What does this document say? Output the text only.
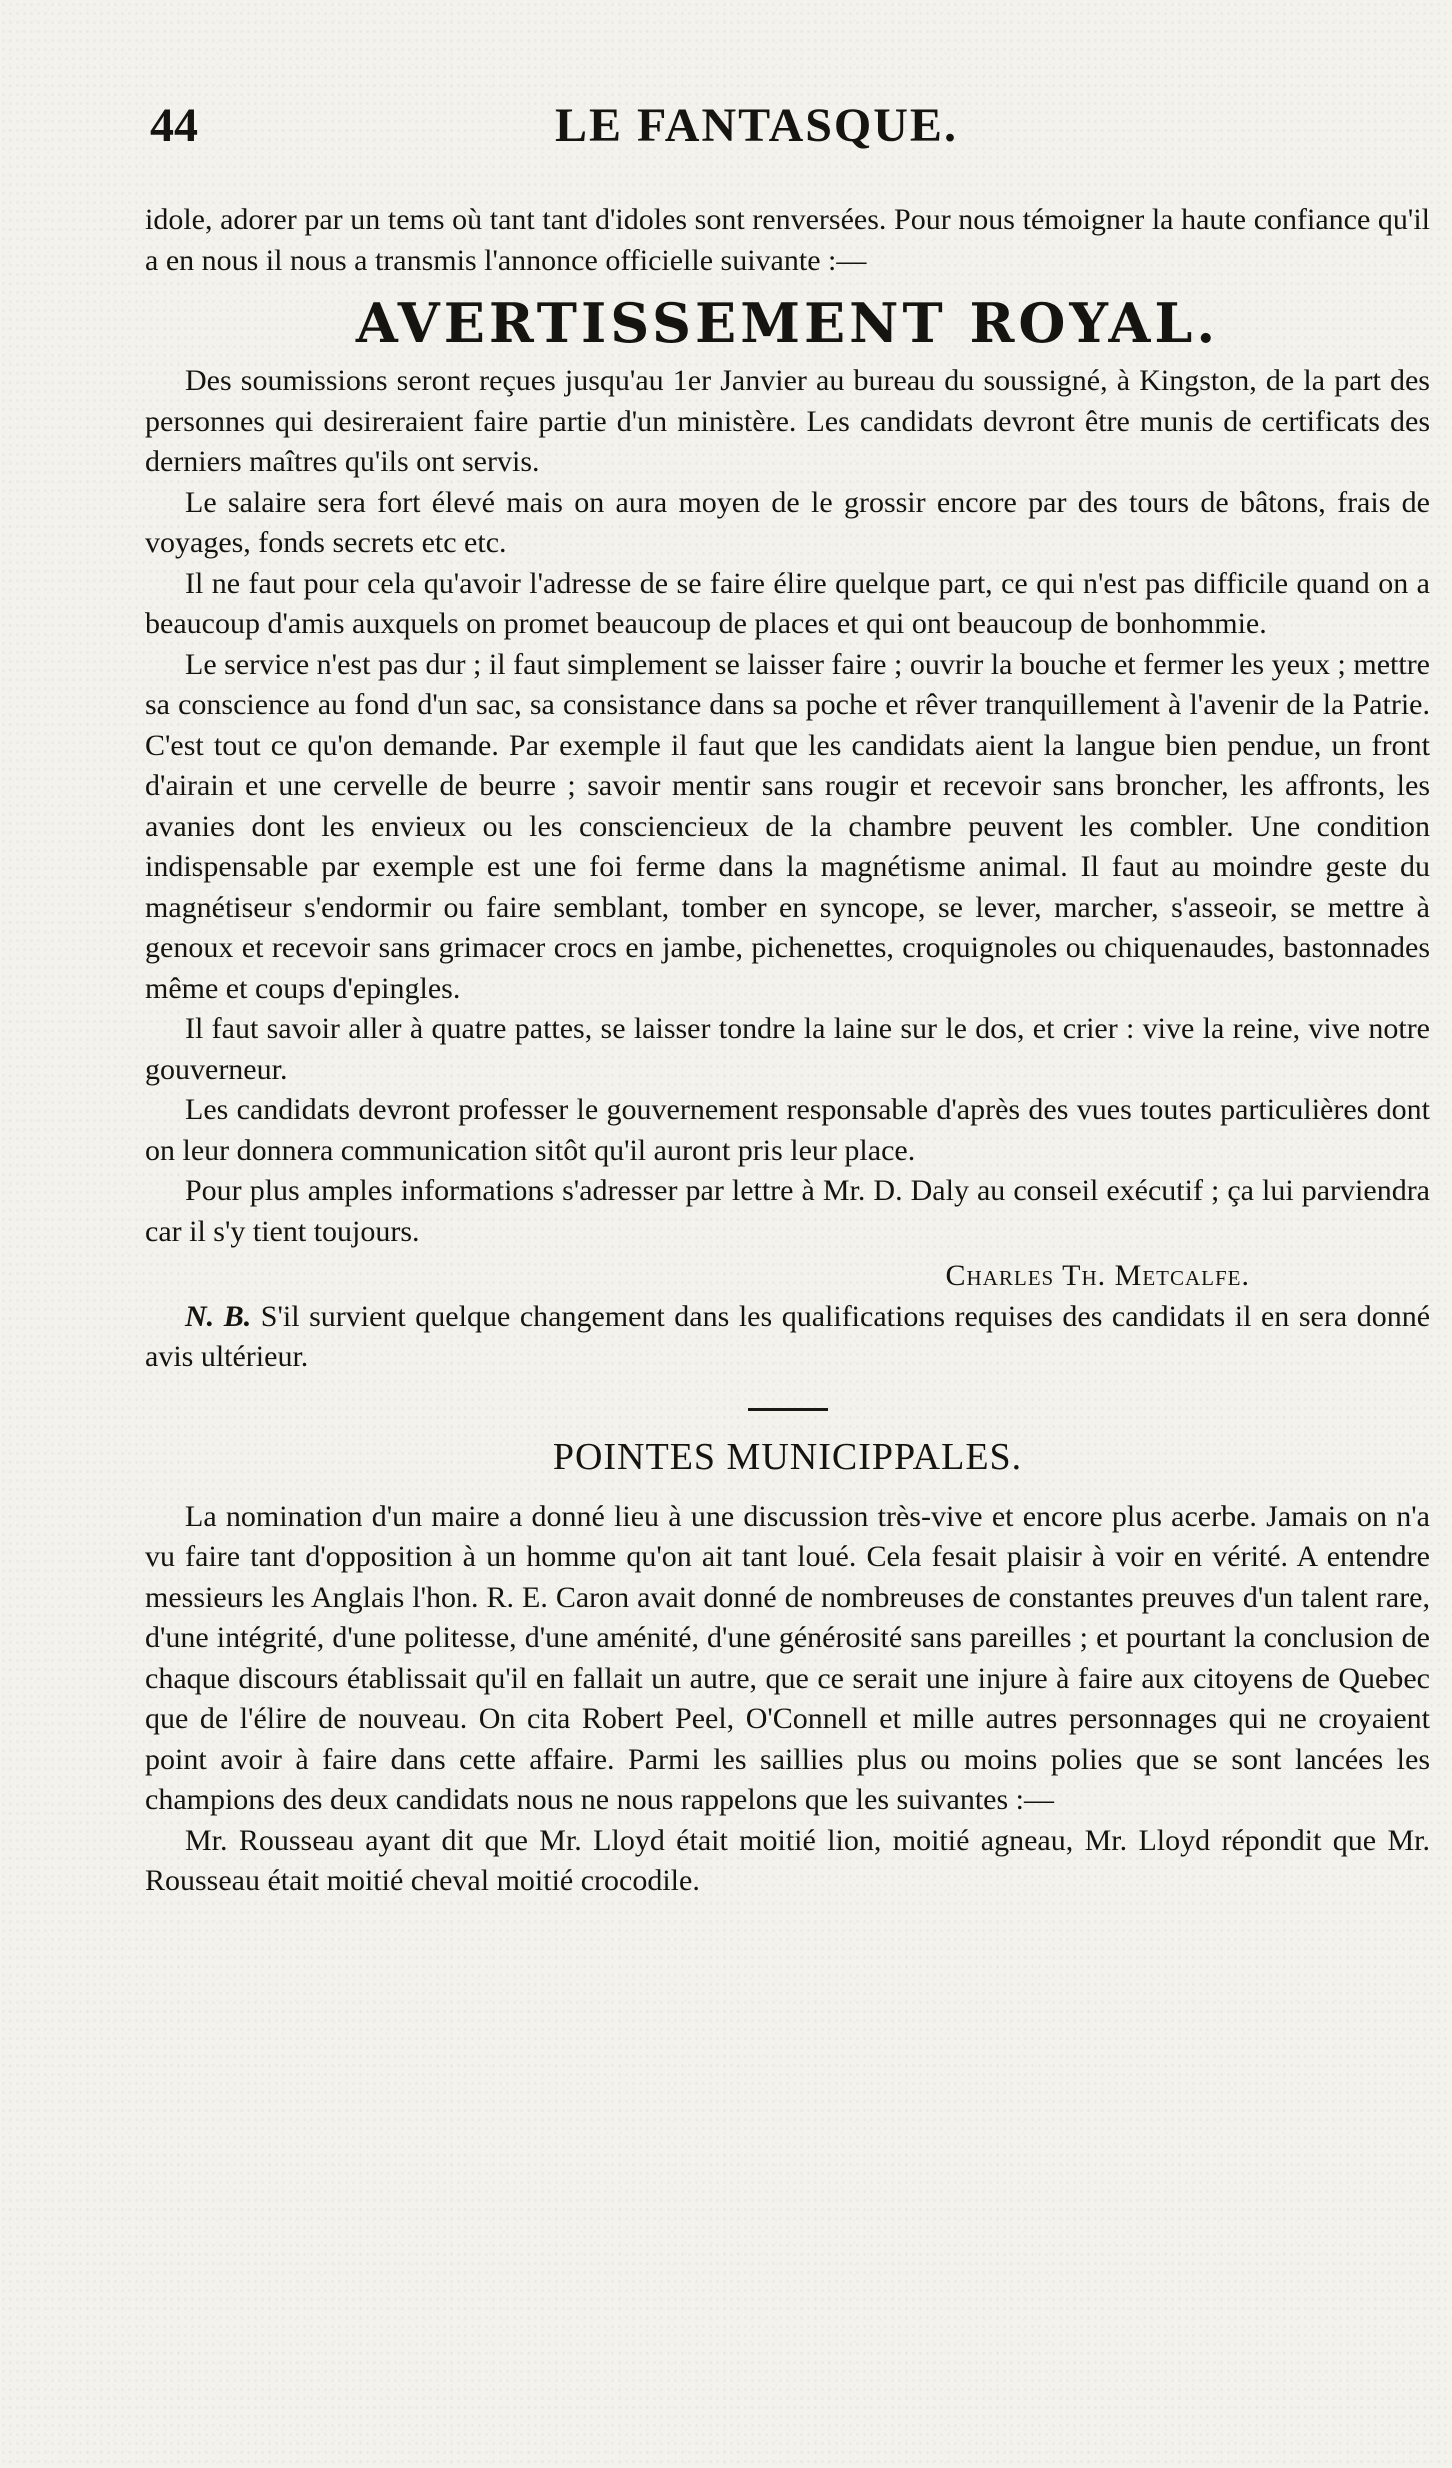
44	LE FANTASQUE.

idole, adorer par un tems où tant tant d'idoles sont renversées. Pour nous témoigner la haute confiance qu'il a en nous il nous a transmis l'annonce officielle suivante :—

AVERTISSEMENT ROYAL.

Des soumissions seront reçues jusqu'au 1er Janvier au bureau du soussigné, à Kingston, de la part des personnes qui desireraient faire partie d'un ministère. Les candidats devront être munis de certificats des derniers maîtres qu'ils ont servis.

Le salaire sera fort élevé mais on aura moyen de le grossir encore par des tours de bâtons, frais de voyages, fonds secrets etc etc.

Il ne faut pour cela qu'avoir l'adresse de se faire élire quelque part, ce qui n'est pas difficile quand on a beaucoup d'amis auxquels on promet beaucoup de places et qui ont beaucoup de bonhommie.

Le service n'est pas dur ; il faut simplement se laisser faire ; ouvrir la bouche et fermer les yeux ; mettre sa conscience au fond d'un sac, sa consistance dans sa poche et rêver tranquillement à l'avenir de la Patrie. C'est tout ce qu'on demande. Par exemple il faut que les candidats aient la langue bien pendue, un front d'airain et une cervelle de beurre ; savoir mentir sans rougir et recevoir sans broncher, les affronts, les avanies dont les envieux ou les consciencieux de la chambre peuvent les combler. Une condition indispensable par exemple est une foi ferme dans la magnétisme animal. Il faut au moindre geste du magnétiseur s'endormir ou faire semblant, tomber en syncope, se lever, marcher, s'asseoir, se mettre à genoux et recevoir sans grimacer crocs en jambe, pichenettes, croquignoles ou chiquenaudes, bastonnades même et coups d'epingles.

Il faut savoir aller à quatre pattes, se laisser tondre la laine sur le dos, et crier : vive la reine, vive notre gouverneur.

Les candidats devront professer le gouvernement responsable d'après des vues toutes particulières dont on leur donnera communication sitôt qu'il auront pris leur place.

Pour plus amples informations s'adresser par lettre à Mr. D. Daly au conseil exécutif ; ça lui parviendra car il s'y tient toujours.

Charles Th. Metcalfe.

N. B. S'il survient quelque changement dans les qualifications requises des candidats il en sera donné avis ultérieur.

POINTES MUNICIPPALES.

La nomination d'un maire a donné lieu à une discussion très-vive et encore plus acerbe. Jamais on n'a vu faire tant d'opposition à un homme qu'on ait tant loué. Cela fesait plaisir à voir en vérité. A entendre messieurs les Anglais l'hon. R. E. Caron avait donné de nombreuses de constantes preuves d'un talent rare, d'une intégrité, d'une politesse, d'une aménité, d'une générosité sans pareilles ; et pourtant la conclusion de chaque discours établissait qu'il en fallait un autre, que ce serait une injure à faire aux citoyens de Quebec que de l'élire de nouveau. On cita Robert Peel, O'Connell et mille autres personnages qui ne croyaient point avoir à faire dans cette affaire. Parmi les saillies plus ou moins polies que se sont lancées les champions des deux candidats nous ne nous rappelons que les suivantes :—

Mr. Rousseau ayant dit que Mr. Lloyd était moitié lion, moitié agneau, Mr. Lloyd répondit que Mr. Rousseau était moitié cheval moitié crocodile.
